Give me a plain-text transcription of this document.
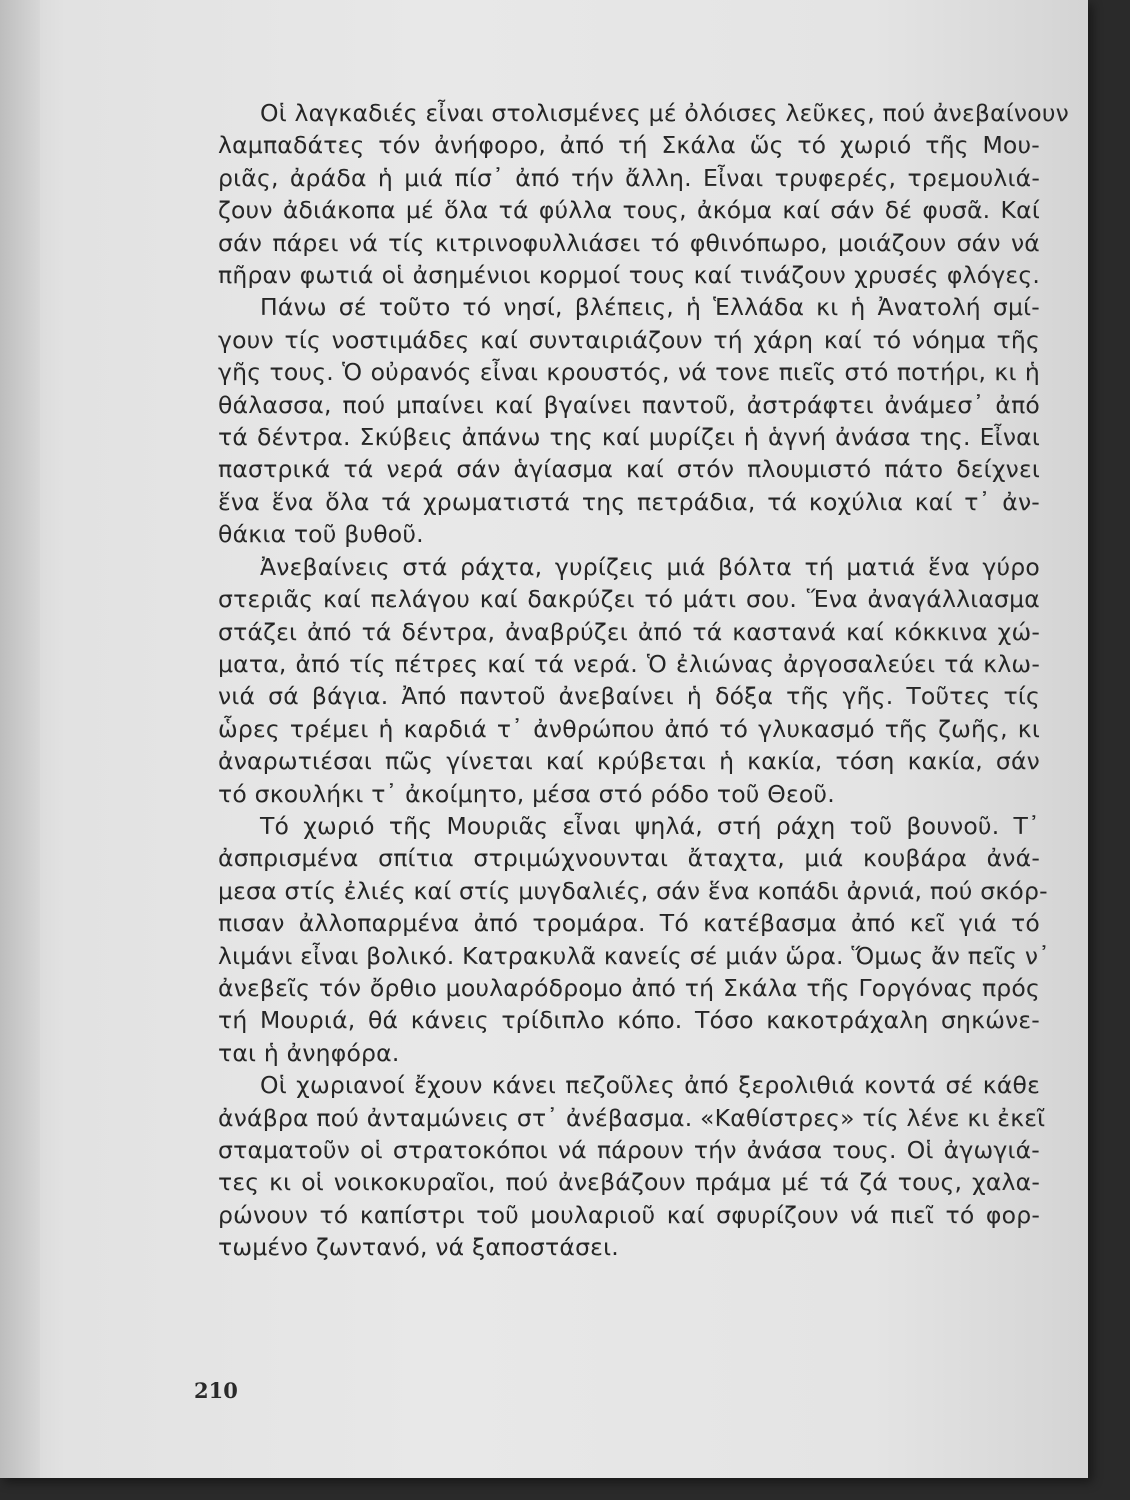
Οἱ λαγκαδιές εἶναι στολισμένες μέ ὀλόισες λεῦκες, πού ἀνεβαίνουν
λαμπαδάτες τόν ἀνήφορο, ἀπό τή Σκάλα ὥς τό χωριό τῆς Μου-
ριᾶς, ἀράδα ἡ μιά πίσ᾿ ἀπό τήν ἄλλη. Εἶναι τρυφερές, τρεμουλιά-
ζουν ἀδιάκοπα μέ ὅλα τά φύλλα τους, ἀκόμα καί σάν δέ φυσᾶ. Καί
σάν πάρει νά τίς κιτρινοφυλλιάσει τό φθινόπωρο, μοιάζουν σάν νά
πῆραν φωτιά οἱ ἀσημένιοι κορμοί τους καί τινάζουν χρυσές φλόγες.

Πάνω σέ τοῦτο τό νησί, βλέπεις, ἡ Ἑλλάδα κι ἡ Ἀνατολή σμί-
γουν τίς νοστιμάδες καί συνταιριάζουν τή χάρη καί τό νόημα τῆς
γῆς τους. Ὁ οὐρανός εἶναι κρουστός, νά τονε πιεῖς στό ποτήρι, κι ἡ
θάλασσα, πού μπαίνει καί βγαίνει παντοῦ, ἀστράφτει ἀνάμεσ᾿ ἀπό
τά δέντρα. Σκύβεις ἀπάνω της καί μυρίζει ἡ ἁγνή ἀνάσα της. Εἶναι
παστρικά τά νερά σάν ἁγίασμα καί στόν πλουμιστό πάτο δείχνει
ἕνα ἕνα ὅλα τά χρωματιστά της πετράδια, τά κοχύλια καί τ᾿ ἀν-
θάκια τοῦ βυθοῦ.

Ἀνεβαίνεις στά ράχτα, γυρίζεις μιά βόλτα τή ματιά ἕνα γύρο
στεριᾶς καί πελάγου καί δακρύζει τό μάτι σου. Ἕνα ἀναγάλλιασμα
στάζει ἀπό τά δέντρα, ἀναβρύζει ἀπό τά καστανά καί κόκκινα χώ-
ματα, ἀπό τίς πέτρες καί τά νερά. Ὁ ἐλιώνας ἀργοσαλεύει τά κλω-
νιά σά βάγια. Ἀπό παντοῦ ἀνεβαίνει ἡ δόξα τῆς γῆς. Τοῦτες τίς
ὧρες τρέμει ἡ καρδιά τ᾿ ἀνθρώπου ἀπό τό γλυκασμό τῆς ζωῆς, κι
ἀναρωτιέσαι πῶς γίνεται καί κρύβεται ἡ κακία, τόση κακία, σάν
τό σκουλήκι τ᾿ ἀκοίμητο, μέσα στό ρόδο τοῦ Θεοῦ.

Τό χωριό τῆς Μουριᾶς εἶναι ψηλά, στή ράχη τοῦ βουνοῦ. Τ᾿
ἀσπρισμένα σπίτια στριμώχνουνται ἄταχτα, μιά κουβάρα ἀνά-
μεσα στίς ἐλιές καί στίς μυγδαλιές, σάν ἕνα κοπάδι ἀρνιά, πού σκόρ-
πισαν ἀλλοπαρμένα ἀπό τρομάρα. Τό κατέβασμα ἀπό κεῖ γιά τό
λιμάνι εἶναι βολικό. Κατρακυλᾶ κανείς σέ μιάν ὥρα. Ὅμως ἄν πεῖς ν᾿
ἀνεβεῖς τόν ὄρθιο μουλαρόδρομο ἀπό τή Σκάλα τῆς Γοργόνας πρός
τή Μουριά, θά κάνεις τρίδιπλο κόπο. Τόσο κακοτράχαλη σηκώνε-
ται ἡ ἀνηφόρα.

Οἱ χωριανοί ἔχουν κάνει πεζοῦλες ἀπό ξερολιθιά κοντά σέ κάθε
ἀνάβρα πού ἀνταμώνεις στ᾿ ἀνέβασμα. «Καθίστρες» τίς λένε κι ἐκεῖ
σταματοῦν οἱ στρατοκόποι νά πάρουν τήν ἀνάσα τους. Οἱ ἀγωγιά-
τες κι οἱ νοικοκυραῖοι, πού ἀνεβάζουν πράμα μέ τά ζά τους, χαλα-
ρώνουν τό καπίστρι τοῦ μουλαριοῦ καί σφυρίζουν νά πιεῖ τό φορ-
τωμένο ζωντανό, νά ξαποστάσει.

210
